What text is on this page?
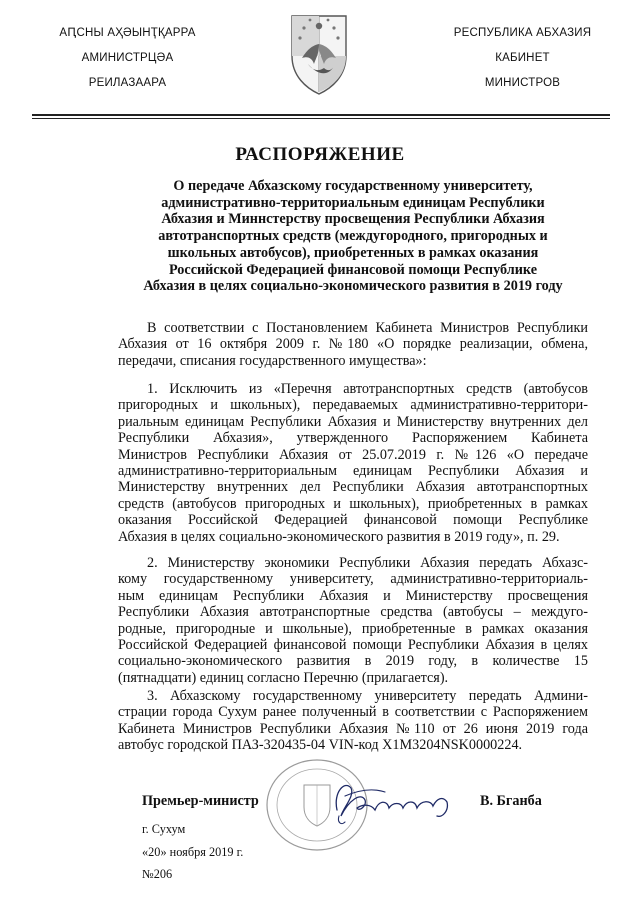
АԤСНЫ АҲӘЫНҬҚАРРА
АМИНИСТРЦӘА
РЕИЛАЗААРА
РЕСПУБЛИКА АБХАЗИЯ
КАБИНЕТ
МИНИСТРОВ
РАСПОРЯЖЕНИЕ
О передаче Абхазскому государственному университету,
административно-территориальным единицам Республики
Абхазия и Миннстерству просвещения Республики Абхазия
автотранспортных средств (междугородного, пригородных и
школьных автобусов), приобретенных в рамках оказания
Российской Федерацией финансовой помощи Республике
Абхазия в целях социально-экономического развития в 2019 году
В соответствии с Постановлением Кабинета Министров Республики
Абхазия от 16 октября 2009 г. №180 «О порядке реализации, обмена,
передачи, списания государственного имущества»:
1. Исключить из «Перечня автотранспортных средств (автобусов
пригородных и школьных), передаваемых административно-территори-
риальным единицам Республики Абхазия и Министерству внутренних дел
Республики Абхазия», утвержденного Распоряжением Кабинета
Министров Республики Абхазия от 25.07.2019 г. №126 «О передаче
административно-территориальным единицам Республики Абхазия и
Министерству внутренних дел Республики Абхазия автотранспортных
средств (автобусов пригородных и школьных), приобретенных в рамках
оказания Российской Федерацией финансовой помощи Республике
Абхазия в целях социально-экономического развития в 2019 году», п. 29.
2. Министерству экономики Республики Абхазия передать Абхазс-
кому государственному университету, административно-территориаль-
ным единицам Республики Абхазия и Министерству просвещения
Республики Абхазия автотранспортные средства (автобусы – междуго-
родные, пригородные и школьные), приобретенные в рамках оказания
Российской Федерацией финансовой помощи Республики Абхазия в целях
социально-экономического развития в 2019 году, в количестве 15
(пятнадцати) единиц согласно Перечню (прилагается).
3. Абхазскому государственному университету передать Админи-
страции города Сухум ранее полученный в соответствии с Распоряжением
Кабинета Министров Республики Абхазия №110 от 26 июня 2019 года
автобус городской ПАЗ-320435-04 VIN-код X1M3204NSK0000224.
Премьер-министр	В. Бганба
г. Сухум
«20» ноября 2019 г.
№206
